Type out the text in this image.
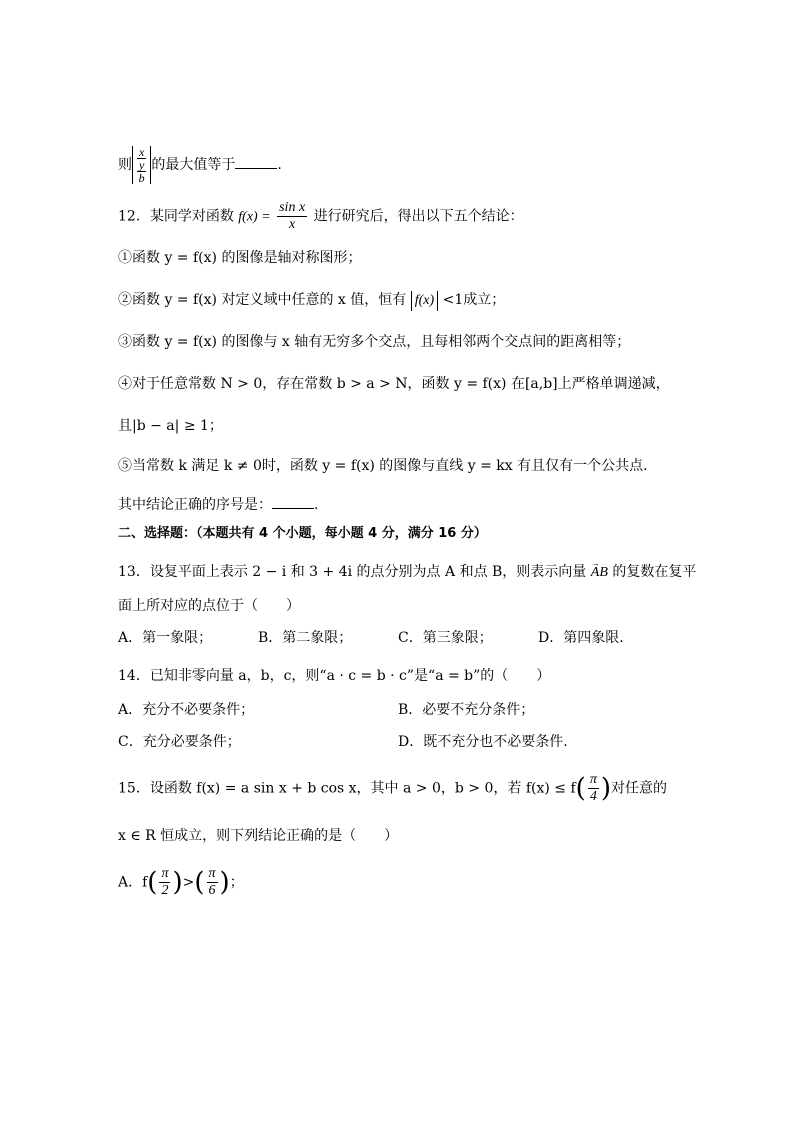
则
x
y
b
的最大值等于	.
12．某同学对函数 $f(x) = \frac{\text{sin x}}{x}$ 进行研究后，得出以下五个结论：
①函数 y = f(x) 的图像是轴对称图形；
②函数 y = f(x) 对定义域中任意的 x 值，恒有 f(x) <1成立；
③函数 y = f(x) 的图像与 x 轴有无穷多个交点，且每相邻两个交点间的距离相等；
④对于任意常数 N > 0，存在常数 b > a > N，函数 y = f(x) 在[a,b]上严格单调递减，
且|b − a| ≥ 1；
⑤当常数 k 满足 k ≠ 0时，函数 y = f(x) 的图像与直线 y = kx 有且仅有一个公共点.
其中结论正确的序号是：	.
二、选择题：（本题共有 4 个小题，每小题 4 分，满分 16 分）
13．设复平面上表示 2 − i 和 3 + 4i 的点分别为点 A 和点 B，则表示向量 → AB 的复数在复平
面上所对应的点位于（　　）
A．第一象限；	B．第二象限；	C．第三象限；	D．第四象限.
14．已知非零向量 a，b，c，则“a · c = b · c”是“a = b”的（　　）
A．充分不必要条件；	B．必要不充分条件；
C．充分必要条件；	D．既不充分也不必要条件.
15．设函数 f(x) = a sin x + b cos x，其中 a > 0，b > 0，若 $f(x) \le f( \frac{\pi}{4}$ )对任意的
x ∈ R 恒成立，则下列结论正确的是（　　）
A．$f( \frac{\pi}{2}$ )>( $\frac{\pi}{6}$ )；
